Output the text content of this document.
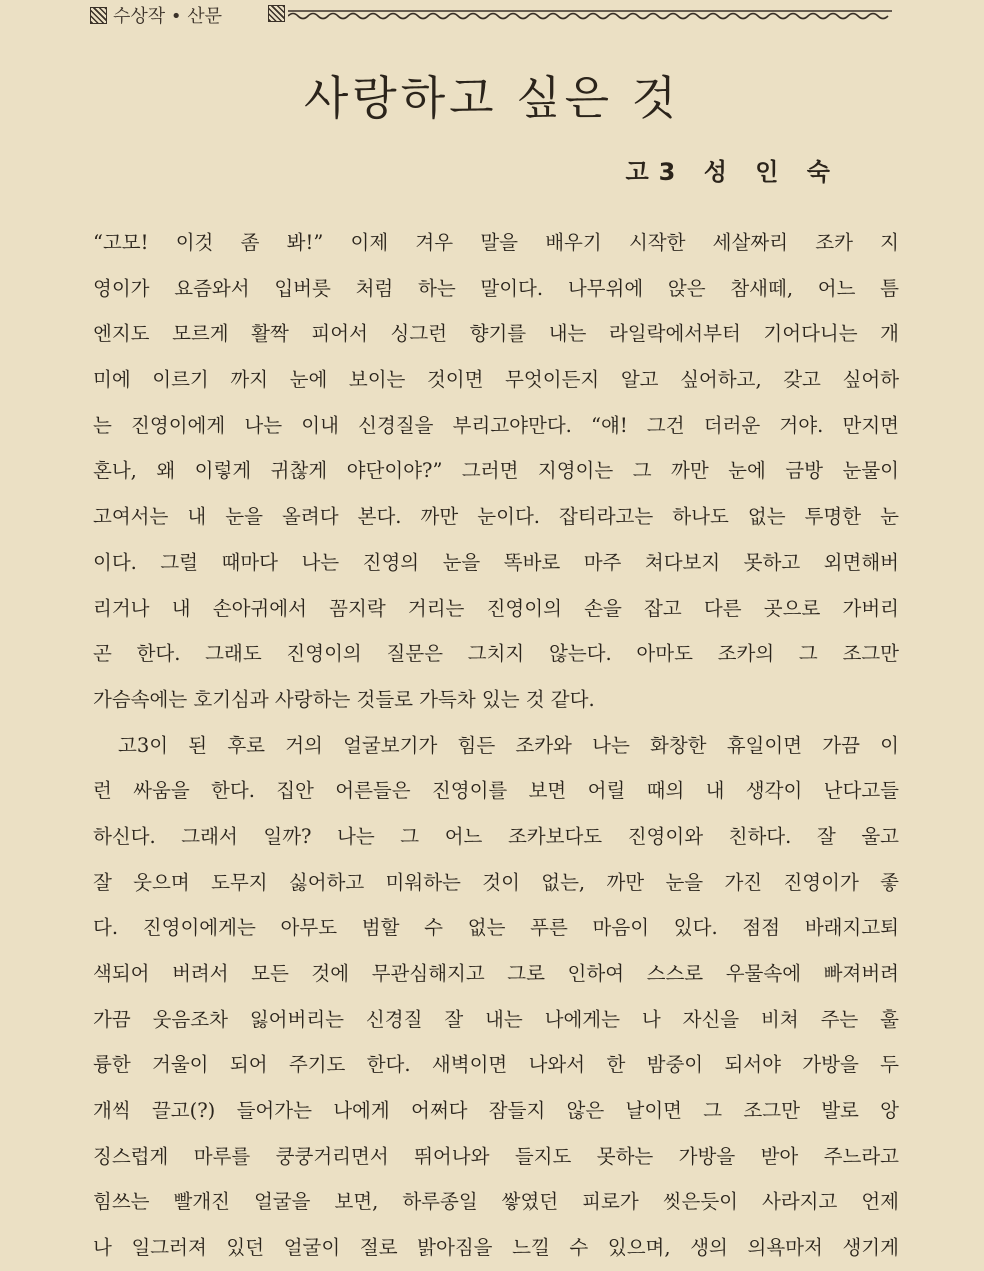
수상작 • 산문
사랑하고 싶은 것
고3 성 인 숙
“고모! 이것 좀 봐!” 이제 겨우 말을 배우기 시작한 세살짜리 조카 지
영이가 요즘와서 입버릇 처럼 하는 말이다. 나무위에 앉은 참새떼, 어느 틈
엔지도 모르게 활짝 피어서 싱그런 향기를 내는 라일락에서부터 기어다니는 개
미에 이르기 까지 눈에 보이는 것이면 무엇이든지 알고 싶어하고, 갖고 싶어하
는 진영이에게 나는 이내 신경질을 부리고야만다. “얘! 그건 더러운 거야. 만지면
혼나, 왜 이렇게 귀찮게 야단이야?” 그러면 지영이는 그 까만 눈에 금방 눈물이
고여서는 내 눈을 올려다 본다. 까만 눈이다. 잡티라고는 하나도 없는 투명한 눈
이다. 그럴 때마다 나는 진영의 눈을 똑바로 마주 쳐다보지 못하고 외면해버
리거나 내 손아귀에서 꼼지락 거리는 진영이의 손을 잡고 다른 곳으로 가버리
곤 한다. 그래도 진영이의 질문은 그치지 않는다. 아마도 조카의 그 조그만
가슴속에는 호기심과 사랑하는 것들로 가득차 있는 것 같다.
고3이 된 후로 거의 얼굴보기가 힘든 조카와 나는 화창한 휴일이면 가끔 이
런 싸움을 한다. 집안 어른들은 진영이를 보면 어릴 때의 내 생각이 난다고들
하신다. 그래서 일까? 나는 그 어느 조카보다도 진영이와 친하다. 잘 울고
잘 웃으며 도무지 싫어하고 미워하는 것이 없는, 까만 눈을 가진 진영이가 좋
다. 진영이에게는 아무도 범할 수 없는 푸른 마음이 있다. 점점 바래지고퇴
색되어 버려서 모든 것에 무관심해지고 그로 인하여 스스로 우물속에 빠져버려
가끔 웃음조차 잃어버리는 신경질 잘 내는 나에게는 나 자신을 비쳐 주는 훌
륭한 거울이 되어 주기도 한다. 새벽이면 나와서 한 밤중이 되서야 가방을 두
개씩 끌고(?) 들어가는 나에게 어쩌다 잠들지 않은 날이면 그 조그만 발로 앙
징스럽게 마루를 쿵쿵거리면서 뛰어나와 들지도 못하는 가방을 받아 주느라고
힘쓰는 빨개진 얼굴을 보면, 하루종일 쌓였던 피로가 씻은듯이 사라지고 언제
나 일그러져 있던 얼굴이 절로 밝아짐을 느낄 수 있으며, 생의 의욕마저 생기게
